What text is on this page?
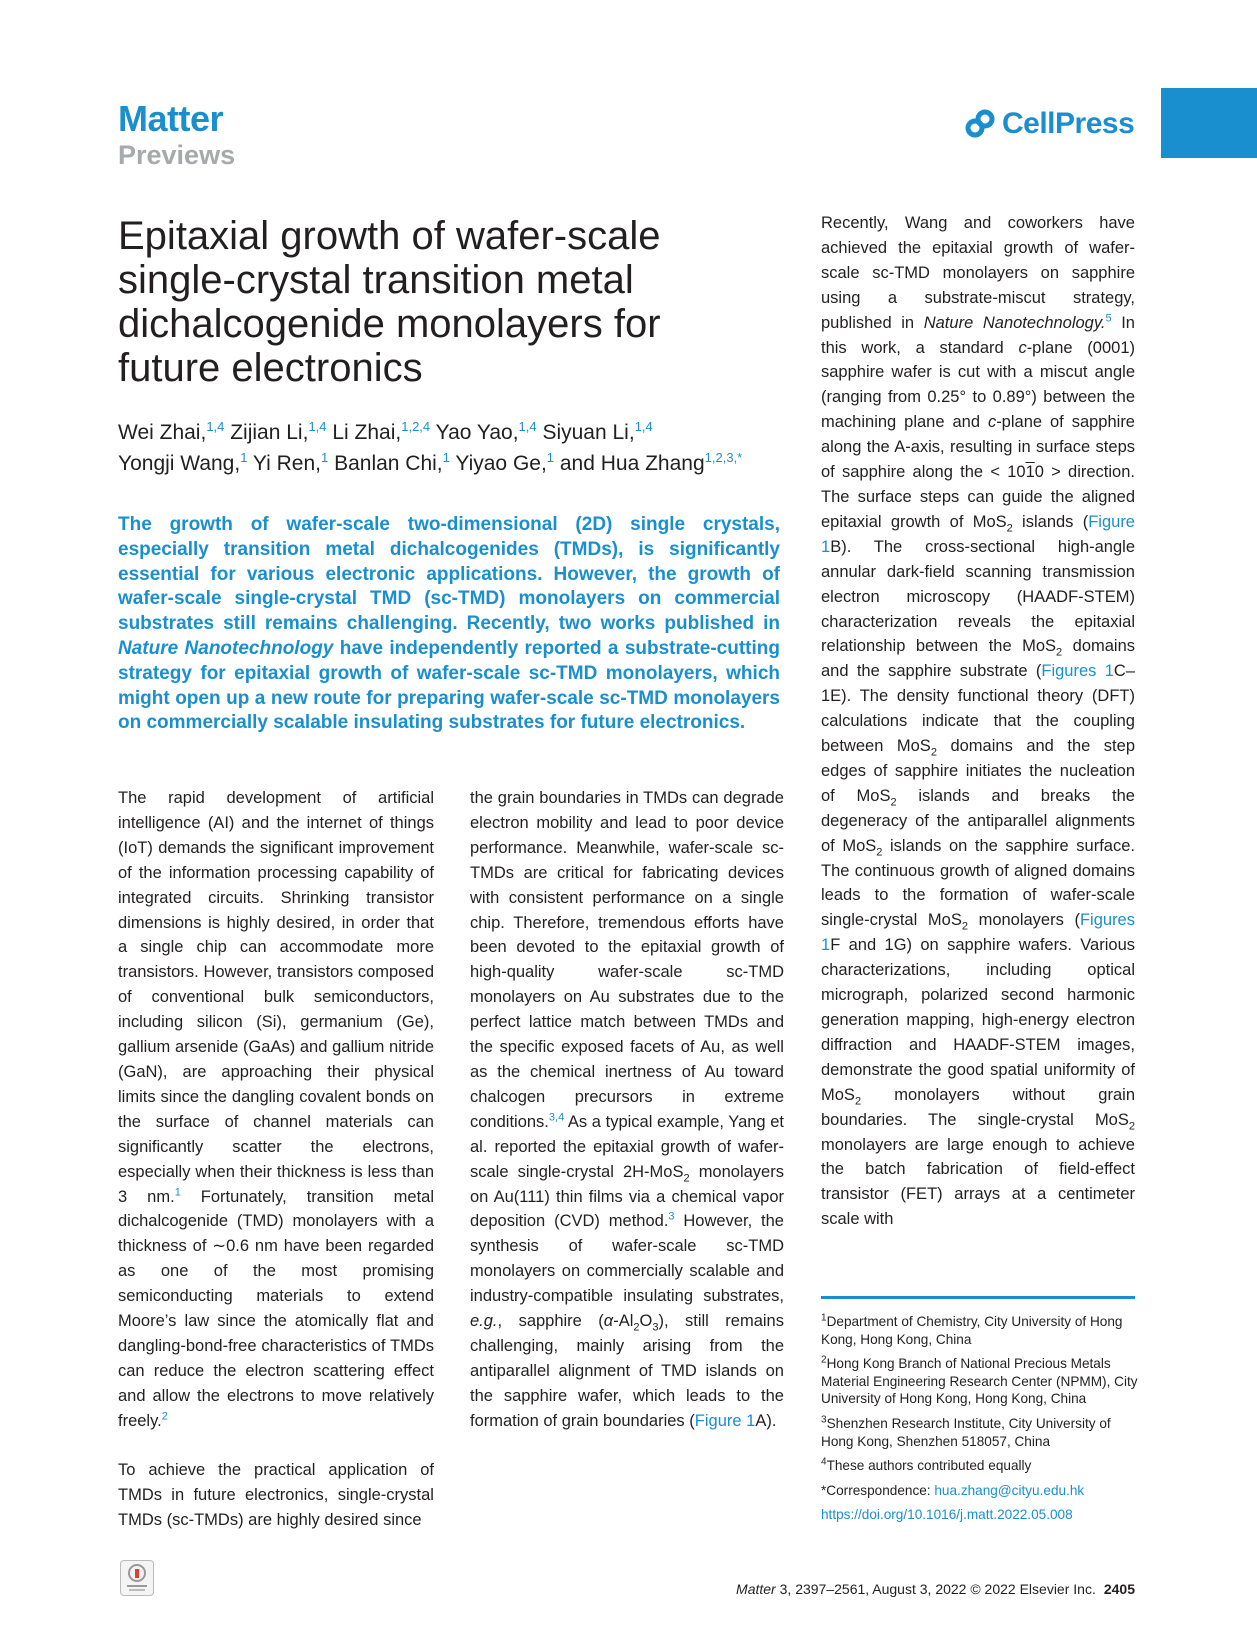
Matter
Previews
CellPress
Epitaxial growth of wafer-scale single-crystal transition metal dichalcogenide monolayers for future electronics

Wei Zhai,$^{1,4}$ Zijian Li,$^{1,4}$ Li Zhai,$^{1,2,4}$ Yao Yao,$^{1,4}$ Siyuan Li,$^{1,4}$
Yongji Wang,$^1$ Yi Ren,$^1$ Banlan Chi,$^1$ Yiyao Ge,$^1$ and Hua Zhang$^{1,2,3,*}$

The growth of wafer-scale two-dimensional (2D) single crystals, especially transition metal dichalcogenides (TMDs), is significantly essential for various electronic applications. However, the growth of wafer-scale single-crystal TMD (sc-TMD) monolayers on commercial substrates still remains challenging. Recently, two works published in Nature Nanotechnology have independently reported a substrate-cutting strategy for epitaxial growth of wafer-scale sc-TMD monolayers, which might open up a new route for preparing wafer-scale sc-TMD monolayers on commercially scalable insulating substrates for future electronics.

The rapid development of artificial intelligence (AI) and the internet of things (IoT) demands the significant improvement of the information processing capability of integrated circuits. Shrinking transistor dimensions is highly desired, in order that a single chip can accommodate more transistors. However, transistors composed of conventional bulk semiconductors, including silicon (Si), germanium (Ge), gallium arsenide (GaAs) and gallium nitride (GaN), are approaching their physical limits since the dangling covalent bonds on the surface of channel materials can significantly scatter the electrons, especially when their thickness is less than 3 nm.$^1$ Fortunately, transition metal dichalcogenide (TMD) monolayers with a thickness of ∼0.6 nm have been regarded as one of the most promising semiconducting materials to extend Moore’s law since the atomically flat and dangling-bond-free characteristics of TMDs can reduce the electron scattering effect and allow the electrons to move relatively freely.$^2$

To achieve the practical application of TMDs in future electronics, single-crystal TMDs (sc-TMDs) are highly desired since

the grain boundaries in TMDs can degrade electron mobility and lead to poor device performance. Meanwhile, wafer-scale sc-TMDs are critical for fabricating devices with consistent performance on a single chip. Therefore, tremendous efforts have been devoted to the epitaxial growth of high-quality	wafer-scale	sc-TMD monolayers on Au substrates due to the perfect lattice match between TMDs and the specific exposed facets of Au, as well as the chemical inertness of Au toward chalcogen precursors in extreme conditions.$^{3,4}$ As a typical example, Yang et al. reported the epitaxial growth of wafer-scale single-crystal 2H-MoS$_2$ monolayers on Au(111) thin films via a chemical vapor deposition (CVD) method.$^3$ However, the synthesis of wafer-scale sc-TMD monolayers on commercially scalable and industry-compatible insulating substrates, e.g., sapphire $(\alpha-Al_2O_3)$, still remains challenging, mainly arising from the antiparallel alignment of TMD islands on the sapphire wafer, which leads to the formation of grain boundaries (Figure 1A).

Recently, Wang and coworkers have achieved the epitaxial growth of wafer-scale sc-TMD monolayers on sapphire using a substrate-miscut strategy, published in Nature Nanotechnology.$^5$ In this work, a standard c-plane (0001) sapphire wafer is cut with a miscut angle (ranging from 0.25° to 0.89°) between the machining plane and c-plane of sapphire along the A-axis, resulting in surface steps of sapphire along the < 1010 > direction. The surface steps can guide the aligned epitaxial growth of MoS$_2$ islands (Figure 1B). The cross-sectional high-angle annular dark-field scanning transmission electron microscopy (HAADF-STEM) characterization reveals the epitaxial relationship between the MoS$_2$ domains and the sapphire substrate (Figures 1C–1E). The density functional theory (DFT) calculations indicate that the coupling between MoS$_2$ domains and the step edges of sapphire initiates the nucleation of MoS$_2$ islands and breaks the degeneracy of the antiparallel alignments of MoS$_2$ islands on the sapphire surface. The continuous growth of aligned domains leads to the formation of wafer-scale single-crystal MoS$_2$ monolayers (Figures 1F and 1G) on sapphire wafers. Various characterizations, including optical micrograph, polarized second harmonic generation mapping, high-energy electron diffraction and HAADF-STEM images, demonstrate the good spatial uniformity of MoS$_2$ monolayers without grain boundaries. The single-crystal MoS$_2$ monolayers are large enough to achieve the batch fabrication of field-effect transistor (FET) arrays at a centimeter scale with

$^1$Department of Chemistry, City University of Hong Kong, Hong Kong, China
$^2$Hong Kong Branch of National Precious Metals Material Engineering Research Center (NPMM), City University of Hong Kong, Hong Kong, China
$^3$Shenzhen Research Institute, City University of Hong Kong, Shenzhen 518057, China
$^4$These authors contributed equally
*Correspondence: hua.zhang@cityu.edu.hk
https://doi.org/10.1016/j.matt.2022.05.008
Matter 3, 2397–2561, August 3, 2022 © 2022 Elsevier Inc. 2405
